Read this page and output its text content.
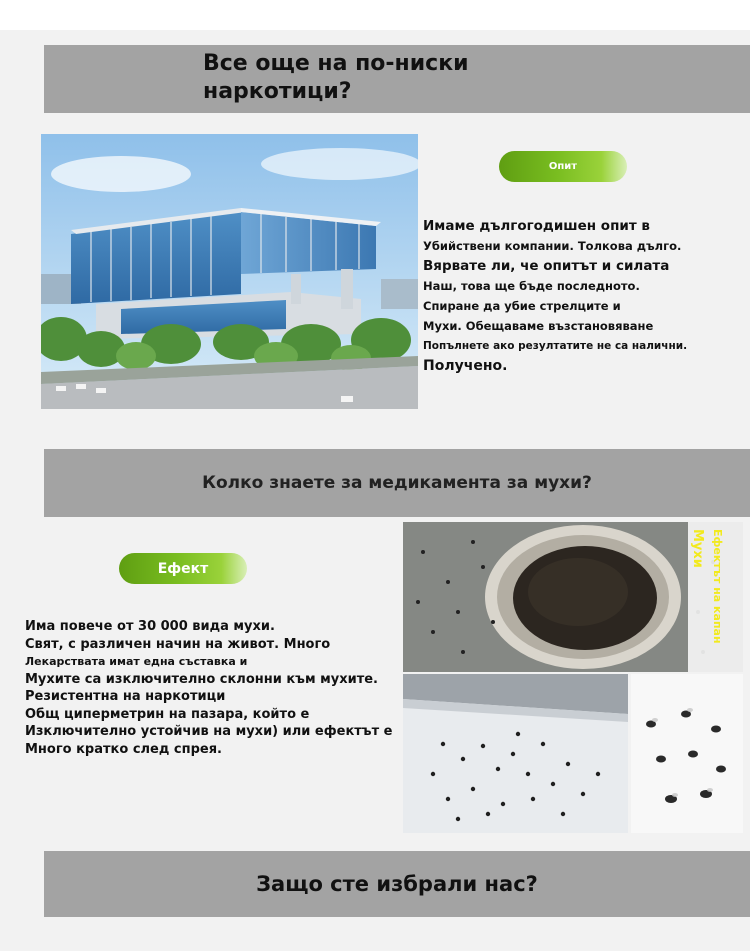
Все още на по-ниски
наркотици?
Опит
Имаме дългогодишен опит в
Убийствени компании. Толкова дълго.
Вярвате ли, че опитът и силата
Наш, това ще бъде последното.
Спиране да убие стрелците и
Мухи. Обещаваме възстановяване
Попълнете ако резултатите не са налични.
Получено.
Колко знаете за медикамента за мухи?
Ефект
Има повече от 30 000 вида мухи.
Свят, с различен начин на живот. Много
Лекарствата имат една съставка и
Мухите са изключително склонни към мухите.
Резистентна на наркотици
Общ циперметрин на пазара, който е
Изключително устойчив на мухи) или ефектът е
Много кратко след спрея.
Мухи Ефектът на капан
Защо сте избрали нас?
